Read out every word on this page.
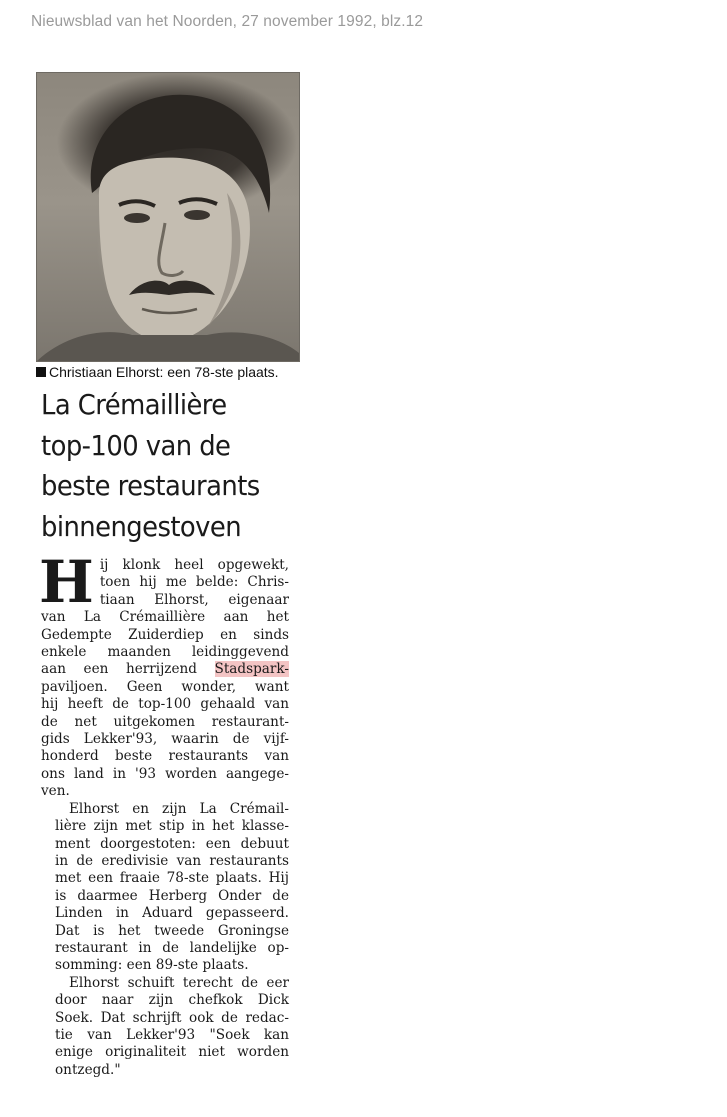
Nieuwsblad van het Noorden, 27 november 1992, blz.12
Christiaan Elhorst: een 78-ste plaats.
La Crémaillière
top-100 van de
beste restaurants
binnengestoven

H ij klonk heel opgewekt,
toen hij me belde: Chris-
tiaan Elhorst, eigenaar
van La Crémaillière aan het
Gedempte Zuiderdiep en sinds
enkele maanden leidinggevend
aan een herrijzend Stadspark-
paviljoen. Geen wonder, want
hij heeft de top-100 gehaald van
de net uitgekomen restaurant-
gids Lekker'93, waarin de vijf-
honderd beste restaurants van
ons land in '93 worden aangege-
ven.

Elhorst en zijn La Crémail-
lière zijn met stip in het klasse-
ment doorgestoten: een debuut
in de eredivisie van restaurants
met een fraaie 78-ste plaats. Hij
is daarmee Herberg Onder de
Linden in Aduard gepasseerd.
Dat is het tweede Groningse
restaurant in de landelijke op-
somming: een 89-ste plaats.

Elhorst schuift terecht de eer
door naar zijn chefkok Dick
Soek. Dat schrijft ook de redac-
tie van Lekker'93 "Soek kan
enige originaliteit niet worden
ontzegd."
